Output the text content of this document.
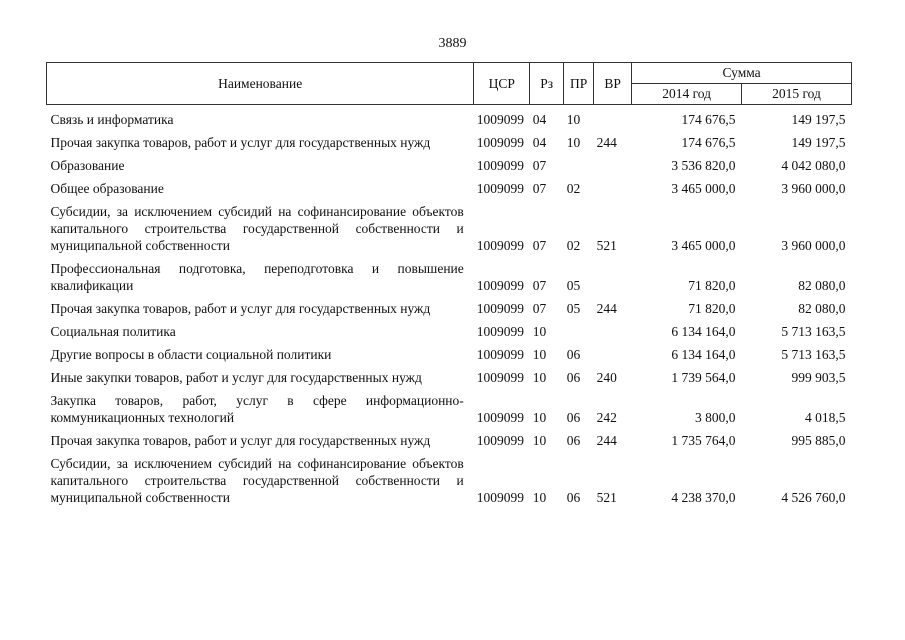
3889
Наименование	ЦСР	Рз	ПР	ВР	Сумма	
					2014 год	2015 год
Связь и информатика	1009099	04	10		174 676,5	149 197,5
Прочая закупка товаров, работ и услуг для государственных нужд	1009099	04	10	244	174 676,5	149 197,5
Образование	1009099	07			3 536 820,0	4 042 080,0
Общее образование	1009099	07	02		3 465 000,0	3 960 000,0
Субсидии, за исключением субсидий на софинансирование объектов капитального строительства государственной собственности и муниципальной собственности	1009099	07	02	521	3 465 000,0	3 960 000,0
Профессиональная подготовка, переподготовка и повышение квалификации	1009099	07	05		71 820,0	82 080,0
Прочая закупка товаров, работ и услуг для государственных нужд	1009099	07	05	244	71 820,0	82 080,0
Социальная политика	1009099	10			6 134 164,0	5 713 163,5
Другие вопросы в области социальной политики	1009099	10	06		6 134 164,0	5 713 163,5
Иные закупки товаров, работ и услуг для государственных нужд	1009099	10	06	240	1 739 564,0	999 903,5
Закупка товаров, работ, услуг в сфере информационно-коммуникационных технологий	1009099	10	06	242	3 800,0	4 018,5
Прочая закупка товаров, работ и услуг для государственных нужд	1009099	10	06	244	1 735 764,0	995 885,0
Субсидии, за исключением субсидий на софинансирование объектов капитального строительства государственной собственности и муниципальной собственности	1009099	10	06	521	4 238 370,0	4 526 760,0
